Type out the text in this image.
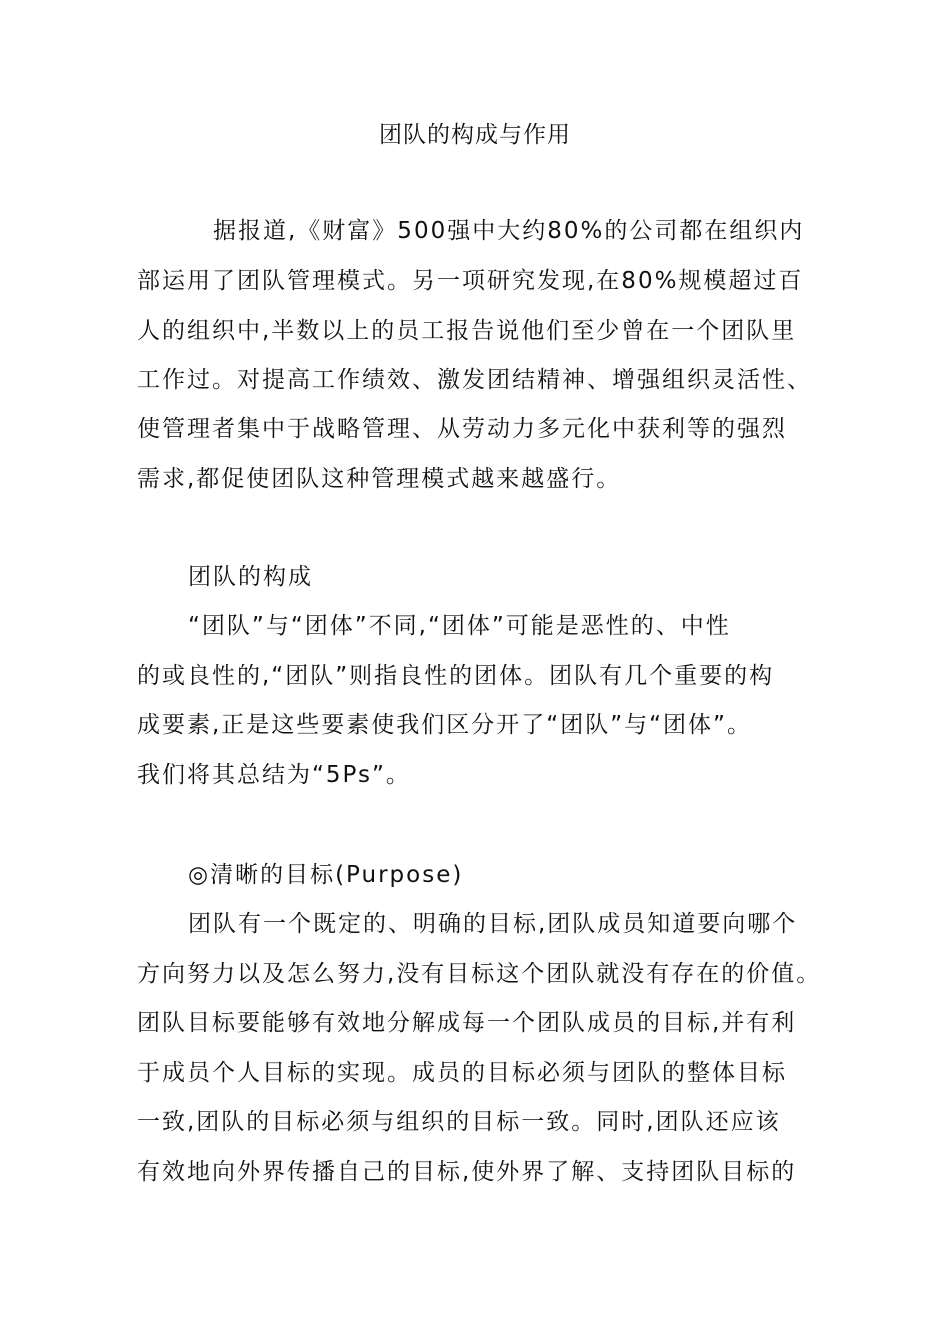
团队的构成与作用
据报道,《财富》500强中大约80%的公司都在组织内
部运用了团队管理模式。另一项研究发现,在80%规模超过百
人的组织中,半数以上的员工报告说他们至少曾在一个团队里
工作过。对提高工作绩效、激发团结精神、增强组织灵活性、
使管理者集中于战略管理、从劳动力多元化中获利等的强烈
需求,都促使团队这种管理模式越来越盛行。
团队的构成
“团队”与“团体”不同,“团体”可能是恶性的、中性
的或良性的,“团队”则指良性的团体。团队有几个重要的构
成要素,正是这些要素使我们区分开了“团队”与“团体”。
我们将其总结为“5Ps”。
◎清晰的目标(Purpose)
团队有一个既定的、明确的目标,团队成员知道要向哪个
方向努力以及怎么努力,没有目标这个团队就没有存在的价值。
团队目标要能够有效地分解成每一个团队成员的目标,并有利
于成员个人目标的实现。成员的目标必须与团队的整体目标
一致,团队的目标必须与组织的目标一致。同时,团队还应该
有效地向外界传播自己的目标,使外界了解、支持团队目标的
